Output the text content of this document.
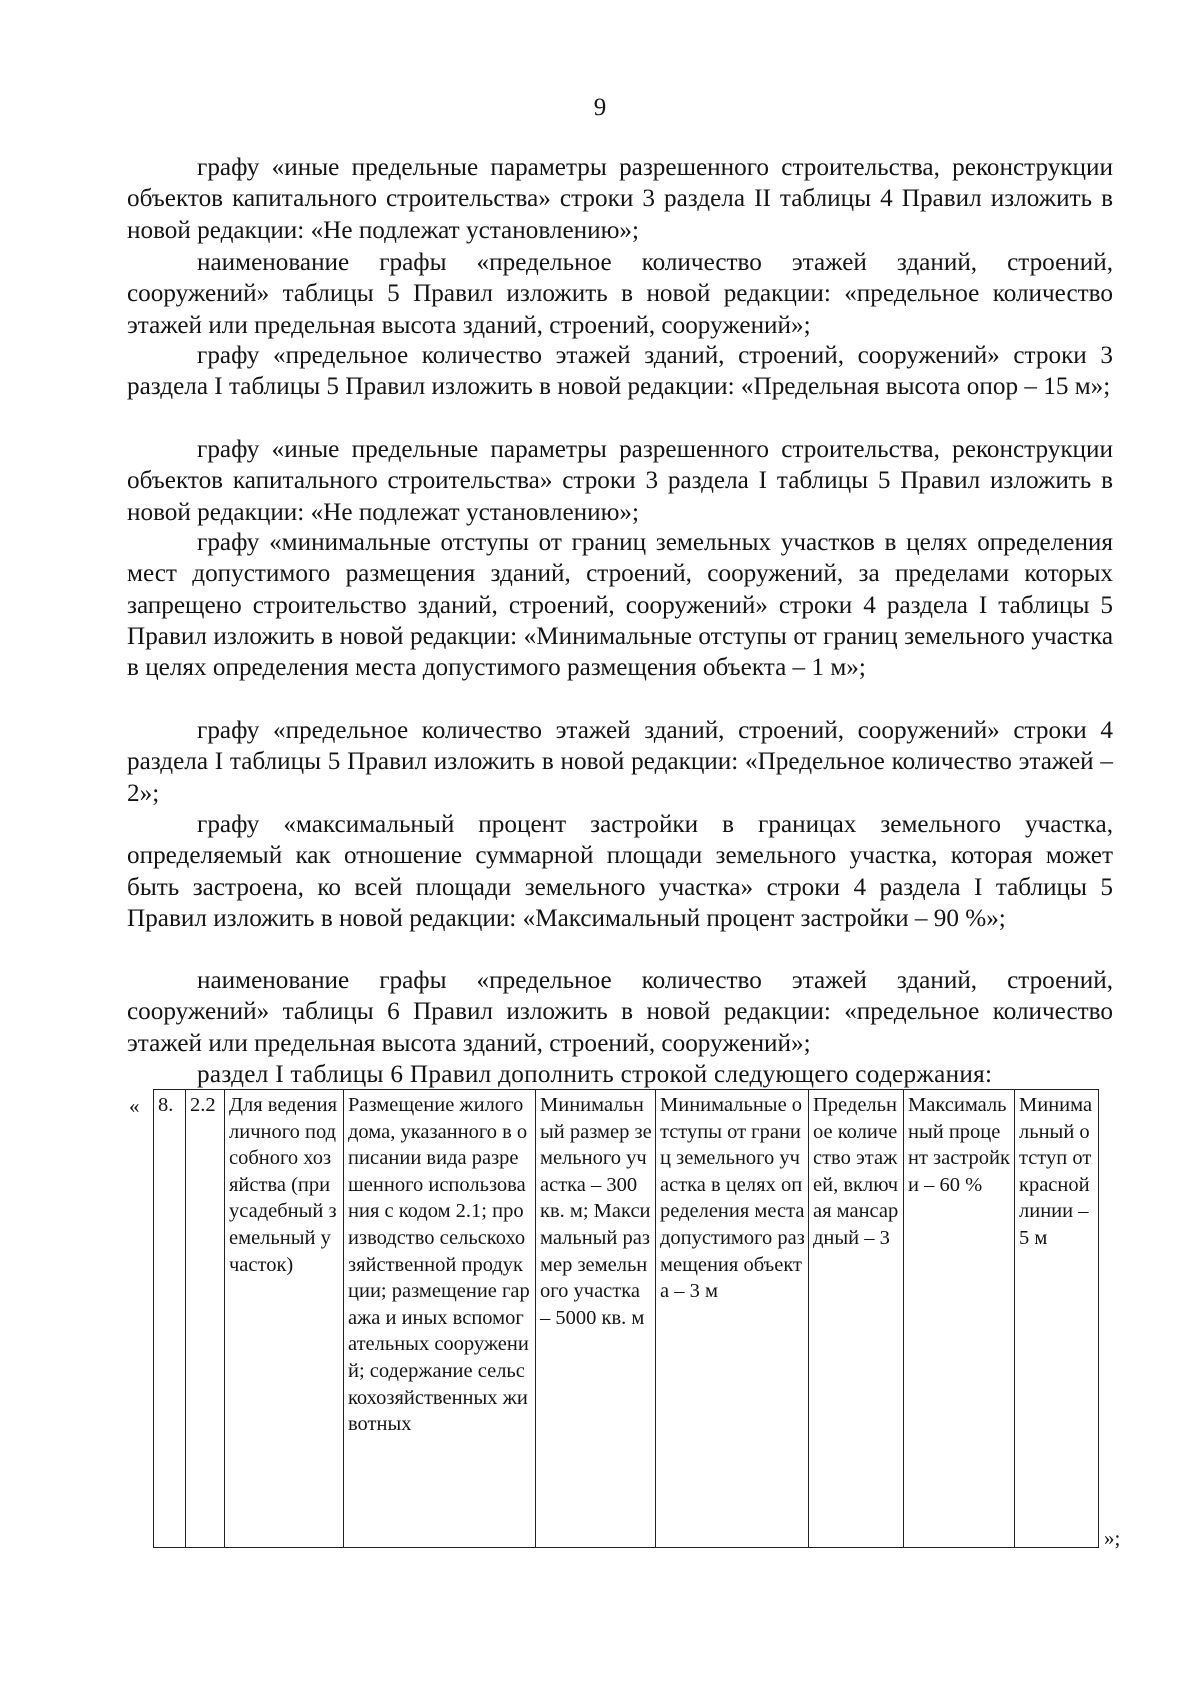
9

графу «иные предельные параметры разрешенного строительства, реконструкции объектов капитального строительства» строки 3 раздела II таблицы 4 Правил изложить в новой редакции: «Не подлежат установлению»;

наименование графы «предельное количество этажей зданий, строений, сооружений» таблицы 5 Правил изложить в новой редакции: «предельное количество этажей или предельная высота зданий, строений, сооружений»;

графу «предельное количество этажей зданий, строений, сооружений» строки 3 раздела I таблицы 5 Правил изложить в новой редакции: «Предельная высота опор – 15 м»;

графу «иные предельные параметры разрешенного строительства, реконструкции объектов капитального строительства» строки 3 раздела I таблицы 5 Правил изложить в новой редакции: «Не подлежат установлению»;

графу «минимальные отступы от границ земельных участков в целях определения мест допустимого размещения зданий, строений, сооружений, за пределами которых запрещено строительство зданий, строений, сооружений» строки 4 раздела I таблицы 5 Правил изложить в новой редакции: «Минимальные отступы от границ земельного участка в целях определения места допустимого размещения объекта – 1 м»;

графу «предельное количество этажей зданий, строений, сооружений» строки 4 раздела I таблицы 5 Правил изложить в новой редакции: «Предельное количество этажей – 2»;

графу «максимальный процент застройки в границах земельного участка, определяемый как отношение суммарной площади земельного участка, которая может быть застроена, ко всей площади земельного участка» строки 4 раздела I таблицы 5 Правил изложить в новой редакции: «Максимальный процент застройки – 90 %»;

наименование графы «предельное количество этажей зданий, строений, сооружений» таблицы 6 Правил изложить в новой редакции: «предельное количество этажей или предельная высота зданий, строений, сооружений»;

раздел I таблицы 6 Правил дополнить строкой следующего содержания:

« 8.	2.2	Для ведения личного подсобного хозяйства (приусадебный земельный участок)	Размещение жилого дома, указанного в описании вида разрешенного использования с кодом 2.1; производство сельскохозяйственной продукции; размещение гаража и иных вспомогательных сооружений; содержание сельскохозяйственных животных	Минимальный размер земельного участка – 300 кв. м; Максимальный размер земельного участка – 5000 кв. м	Минимальные отступы от границ земельного участка в целях определения места допустимого размещения объекта – 3 м	Предельное количество этажей, включая мансардный – 3	Максимальный процент застройки – 60 %	Минимальный отступ от красной линии – 5 м
»;
